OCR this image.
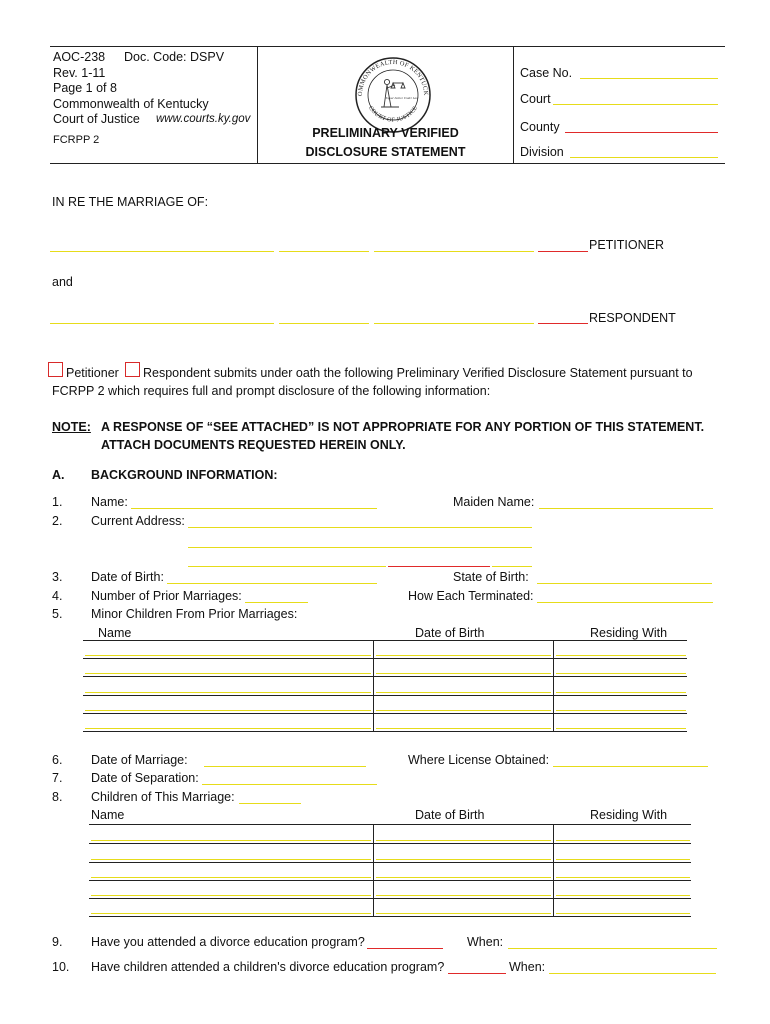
AOC-238 Doc. Code: DSPV
Rev. 1-11
Page 1 of 8
Commonwealth of Kentucky
Court of Justice www.courts.ky.gov
FCRPP 2
OMMONWEALTH OF KENTUCK
COURT OF JUSTICE
Equal Justice Under Law
PRELIMINARY VERIFIED
DISCLOSURE STATEMENT
Case No.
Court
County
Division
IN RE THE MARRIAGE OF:
PETITIONER
and
RESPONDENT
Petitioner Respondent submits under oath the following Preliminary Verified Disclosure Statement pursuant to
FCRPP 2 which requires full and prompt disclosure of the following information:
NOTE: A RESPONSE OF “SEE ATTACHED” IS NOT APPROPRIATE FOR ANY PORTION OF THIS STATEMENT.
ATTACH DOCUMENTS REQUESTED HEREIN ONLY.
A. BACKGROUND INFORMATION:
1. Name:	Maiden Name:
2. Current Address:
3. Date of Birth:	State of Birth:
4. Number of Prior Marriages:	How Each Terminated:
5. Minor Children From Prior Marriages:
Name	Date of Birth	Residing With
6. Date of Marriage:	Where License Obtained:
7. Date of Separation:
8. Children of This Marriage:
Name	Date of Birth	Residing With
9. Have you attended a divorce education program?	When:
10. Have children attended a children's divorce education program?	When:
